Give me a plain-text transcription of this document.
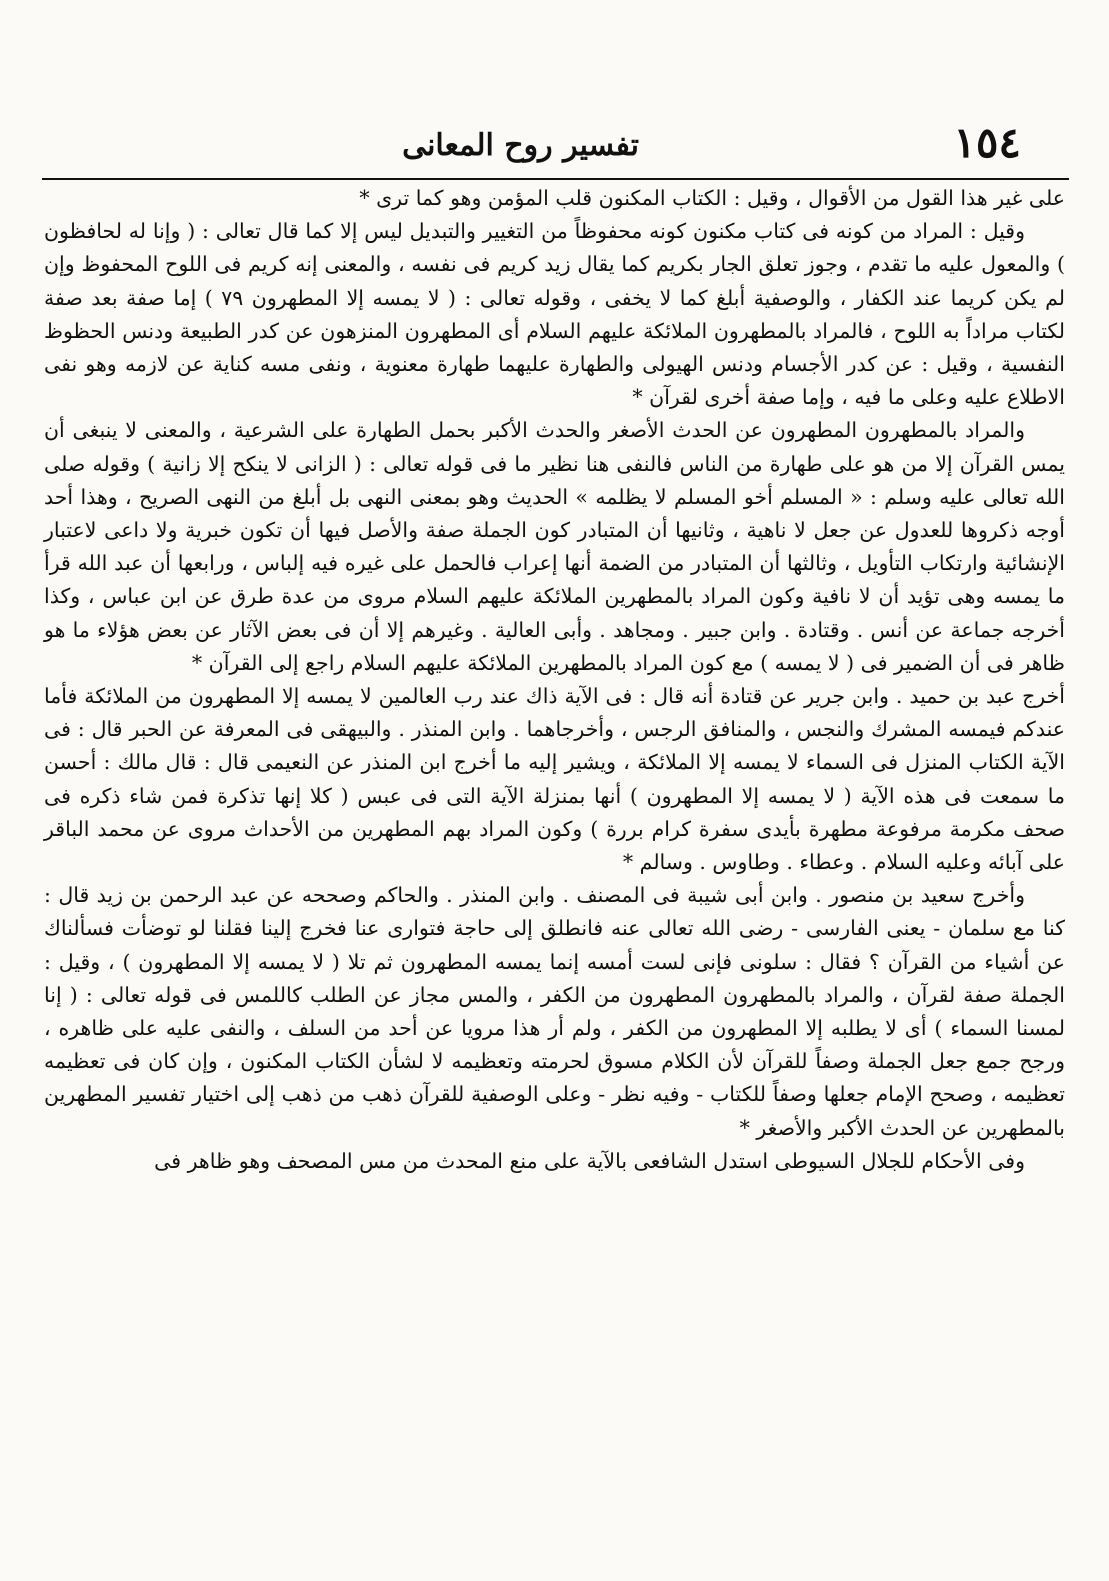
١٥٤
تفسير روح المعانى

على غير هذا القول من الأقوال ، وقيل : الكتاب المكنون قلب المؤمن وهو كما ترى *

وقيل : المراد من كونه فى كتاب مكنون كونه محفوظاً من التغيير والتبديل ليس إلا كما قال تعالى : ( وإنا له لحافظون ) والمعول عليه ما تقدم ، وجوز تعلق الجار بكريم كما يقال زيد كريم فى نفسه ، والمعنى إنه كريم فى اللوح المحفوظ وإن لم يكن كريما عند الكفار ، والوصفية أبلغ كما لا يخفى ، وقوله تعالى : ( لا يمسه إلا المطهرون ٧٩ ) إما صفة بعد صفة لكتاب مراداً به اللوح ، فالمراد بالمطهرون الملائكة عليهم السلام أى المطهرون المنزهون عن كدر الطبيعة ودنس الحظوظ النفسية ، وقيل : عن كدر الأجسام ودنس الهيولى والطهارة عليهما طهارة معنوية ، ونفى مسه كناية عن لازمه وهو نفى الاطلاع عليه وعلى ما فيه ، وإما صفة أخرى لقرآن *

والمراد بالمطهرون المطهرون عن الحدث الأصغر والحدث الأكبر بحمل الطهارة على الشرعية ، والمعنى لا ينبغى أن يمس القرآن إلا من هو على طهارة من الناس فالنفى هنا نظير ما فى قوله تعالى : ( الزانى لا ينكح إلا زانية ) وقوله صلى الله تعالى عليه وسلم : « المسلم أخو المسلم لا يظلمه » الحديث وهو بمعنى النهى بل أبلغ من النهى الصريح ، وهذا أحد أوجه ذكروها للعدول عن جعل لا ناهية ، وثانيها أن المتبادر كون الجملة صفة والأصل فيها أن تكون خبرية ولا داعى لاعتبار الإنشائية وارتكاب التأويل ، وثالثها أن المتبادر من الضمة أنها إعراب فالحمل على غيره فيه إلباس ، ورابعها أن عبد الله قرأ ما يمسه وهى تؤيد أن لا نافية وكون المراد بالمطهرين الملائكة عليهم السلام مروى من عدة طرق عن ابن عباس ، وكذا أخرجه جماعة عن أنس . وقتادة . وابن جبير . ومجاهد . وأبى العالية . وغيرهم إلا أن فى بعض الآثار عن بعض هؤلاء ما هو ظاهر فى أن الضمير فى ( لا يمسه ) مع كون المراد بالمطهرين الملائكة عليهم السلام راجع إلى القرآن *

أخرج عبد بن حميد . وابن جرير عن قتادة أنه قال : فى الآية ذاك عند رب العالمين لا يمسه إلا المطهرون من الملائكة فأما عندكم فيمسه المشرك والنجس ، والمنافق الرجس ، وأخرجاهما . وابن المنذر . والبيهقى فى المعرفة عن الحبر قال : فى الآية الكتاب المنزل فى السماء لا يمسه إلا الملائكة ، ويشير إليه ما أخرج ابن المنذر عن النعيمى قال : قال مالك : أحسن ما سمعت فى هذه الآية ( لا يمسه إلا المطهرون ) أنها بمنزلة الآية التى فى عبس ( كلا إنها تذكرة فمن شاء ذكره فى صحف مكرمة مرفوعة مطهرة بأيدى سفرة كرام بررة ) وكون المراد بهم المطهرين من الأحداث مروى عن محمد الباقر على آبائه وعليه السلام . وعطاء . وطاوس . وسالم *

وأخرج سعيد بن منصور . وابن أبى شيبة فى المصنف . وابن المنذر . والحاكم وصححه عن عبد الرحمن بن زيد قال : كنا مع سلمان - يعنى الفارسى - رضى الله تعالى عنه فانطلق إلى حاجة فتوارى عنا فخرج إلينا فقلنا لو توضأت فسألناك عن أشياء من القرآن ؟ فقال : سلونى فإنى لست أمسه إنما يمسه المطهرون ثم تلا ( لا يمسه إلا المطهرون ) ، وقيل : الجملة صفة لقرآن ، والمراد بالمطهرون المطهرون من الكفر ، والمس مجاز عن الطلب كاللمس فى قوله تعالى : ( إنا لمسنا السماء ) أى لا يطلبه إلا المطهرون من الكفر ، ولم أر هذا مرويا عن أحد من السلف ، والنفى عليه على ظاهره ، ورجح جمع جعل الجملة وصفاً للقرآن لأن الكلام مسوق لحرمته وتعظيمه لا لشأن الكتاب المكنون ، وإن كان فى تعظيمه تعظيمه ، وصحح الإمام جعلها وصفاً للكتاب - وفيه نظر - وعلى الوصفية للقرآن ذهب من ذهب إلى اختيار تفسير المطهرين بالمطهرين عن الحدث الأكبر والأصغر *

وفى الأحكام للجلال السيوطى استدل الشافعى بالآية على منع المحدث من مس المصحف وهو ظاهر فى
